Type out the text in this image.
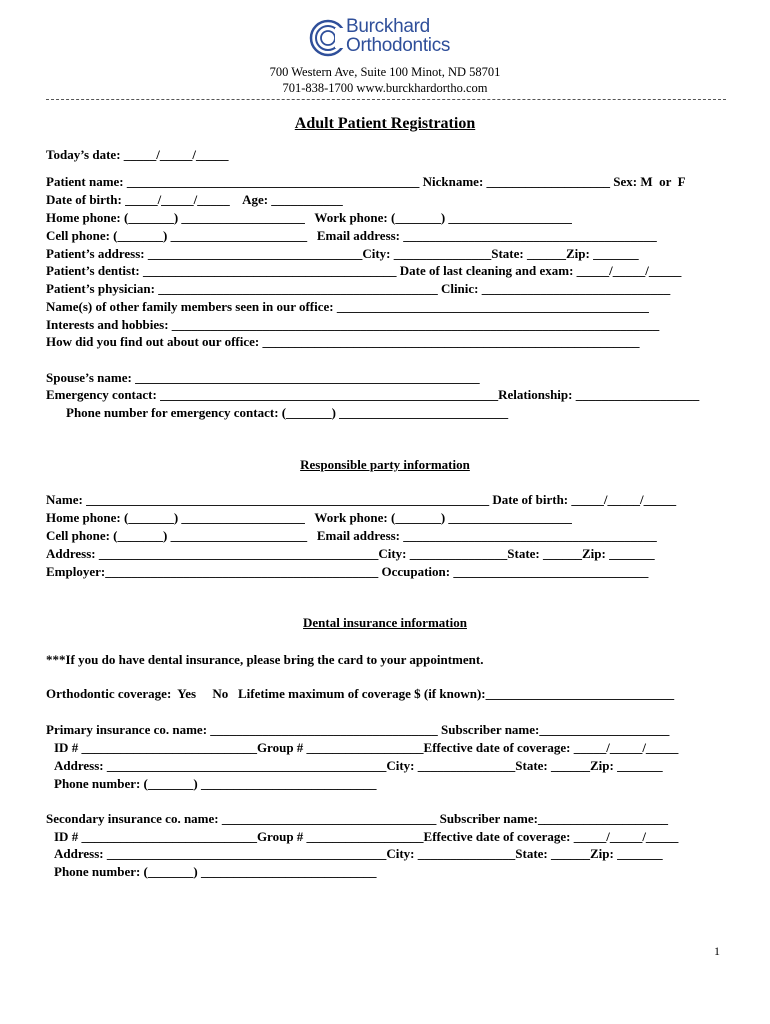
Burckhard
Orthodontics
700 Western Ave, Suite 100 Minot, ND 58701
701-838-1700 www.burckhardortho.com
Adult Patient Registration
Today’s date: _____/_____/_____
Patient name: _____________________________________________ Nickname: ___________________ Sex: M  or  F
Date of birth: _____/_____/_____    Age: ___________
Home phone: (_______) ___________________   Work phone: (_______) ___________________
Cell phone: (_______) _____________________   Email address: _______________________________________
Patient’s address: _________________________________City: _______________State: ______Zip: _______
Patient’s dentist: _______________________________________ Date of last cleaning and exam: _____/_____/_____
Patient’s physician: ___________________________________________ Clinic: _____________________________
Name(s) of other family members seen in our office: ________________________________________________
Interests and hobbies: ___________________________________________________________________________
How did you find out about our office: __________________________________________________________
Spouse’s name: _____________________________________________________
Emergency contact: ____________________________________________________Relationship: ___________________
Phone number for emergency contact: (_______) __________________________
Responsible party information
Name: ______________________________________________________________ Date of birth: _____/_____/_____
Home phone: (_______) ___________________   Work phone: (_______) ___________________
Cell phone: (_______) _____________________   Email address: _______________________________________
Address: ___________________________________________City: _______________State: ______Zip: _______
Employer:__________________________________________ Occupation: ______________________________
Dental insurance information
***If you do have dental insurance, please bring the card to your appointment.
Orthodontic coverage:  Yes     No   Lifetime maximum of coverage $ (if known):_____________________________
Primary insurance co. name: ___________________________________ Subscriber name:____________________
ID # ___________________________Group # __________________Effective date of coverage: _____/_____/_____
Address: ___________________________________________City: _______________State: ______Zip: _______
Phone number: (_______) ___________________________
Secondary insurance co. name: _________________________________ Subscriber name:____________________
ID # ___________________________Group # __________________Effective date of coverage: _____/_____/_____
Address: ___________________________________________City: _______________State: ______Zip: _______
Phone number: (_______) ___________________________
1
